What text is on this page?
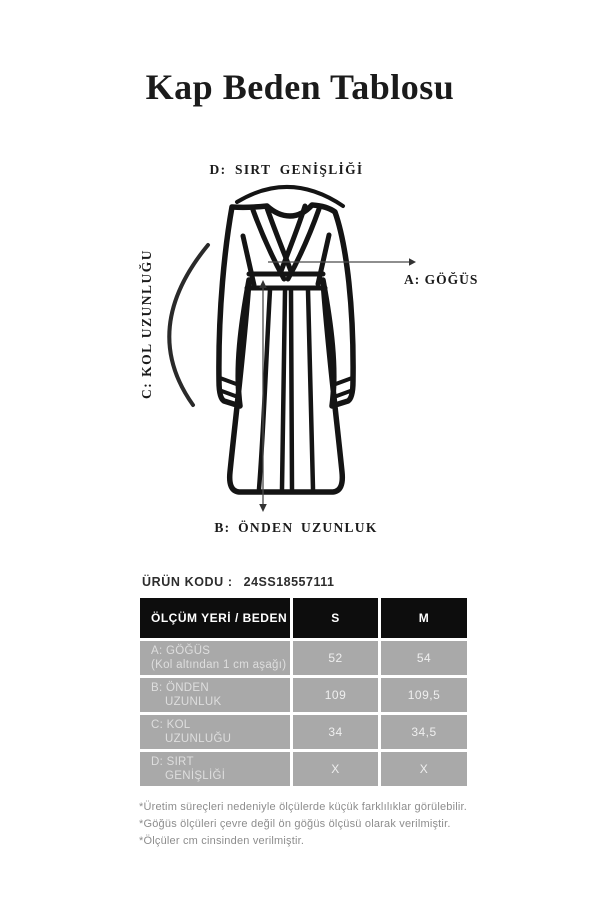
Kap Beden Tablosu
D: SIRT GENİŞLİĞİ
C: KOL UZUNLUĞU	A: GÖĞÜS
B: ÖNDEN UZUNLUK
ÜRÜN KODU : 24SS18557111
ÖLÇÜM YERİ / BEDEN	S	M
A: GÖĞÜS
(Kol altından 1 cm aşağı)	52	54
B: ÖNDEN
UZUNLUK	109	109,5
C: KOL
UZUNLUĞU	34	34,5
D: SIRT
GENİŞLİĞİ	X	X
*Üretim süreçleri nedeniyle ölçülerde küçük farklılıklar görülebilir.
*Göğüs ölçüleri çevre değil ön göğüs ölçüsü olarak verilmiştir.
*Ölçüler cm cinsinden verilmiştir.
